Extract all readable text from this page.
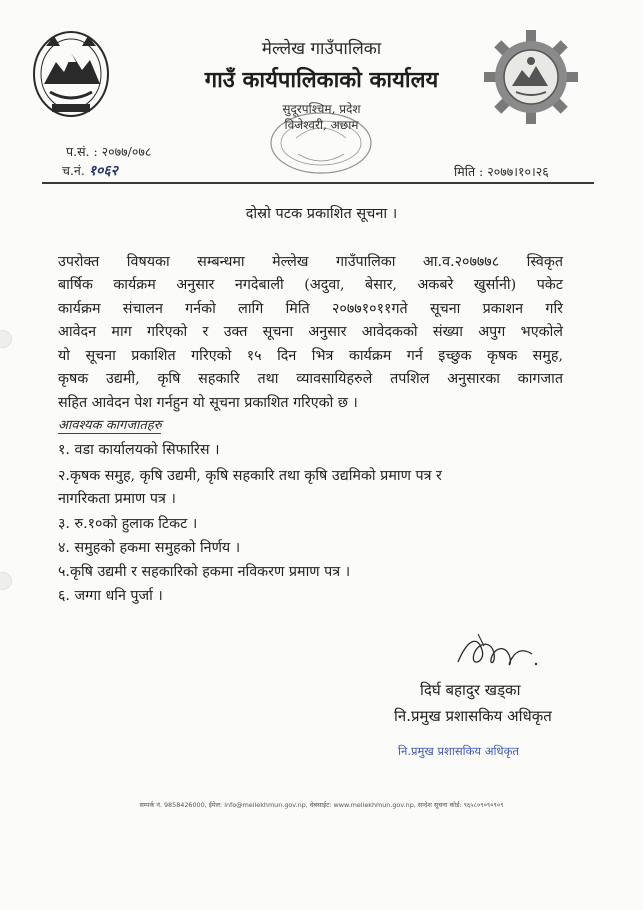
मेल्लेख गाउँपालिका
गाउँ कार्यपालिकाको कार्यालय
सुदूरपश्चिम, प्रदेश
विजेश्वरी, अछाम
प.सं. : २०७७/०७८
च.नं. १०६२	मिति : २०७७।१०।२६
दोस्रो पटक प्रकाशित सूचना ।
उपरोक्त विषयका सम्बन्धमा मेल्लेख गाउँपालिका आ.व.२०७७७८ स्विकृत
बार्षिक कार्यक्रम अनुसार नगदेबाली (अदुवा, बेसार, अकबरे खुर्सानी) पकेट
कार्यक्रम संचालन गर्नको लागि मिति २०७७१०११गते सूचना प्रकाशन गरि
आवेदन माग गरिएको र उक्त सूचना अनुसार आवेदकको संख्या अपुग भएकोले
यो सूचना प्रकाशित गरिएको १५ दिन भित्र कार्यक्रम गर्न इच्छुक कृषक समुह,
कृषक उद्यमी, कृषि सहकारि तथा व्यावसायिहरुले तपशिल अनुसारका कागजात
सहित आवेदन पेश गर्नहुन यो सूचना प्रकाशित गरिएको छ ।
आवश्यक कागजातहरु
१. वडा कार्यालयको सिफारिस ।
२.कृषक समुह, कृषि उद्यमी, कृषि सहकारि तथा कृषि उद्यमिको प्रमाण पत्र र
नागरिकता प्रमाण पत्र ।
३. रु.१०को हुलाक टिकट ।
४. समुहको हकमा समुहको निर्णय ।
५.कृषि उद्यमी र सहकारिको हकमा नविकरण प्रमाण पत्र ।
६. जग्गा धनि पुर्जा ।
दिर्घ बहादुर खड्का
नि.प्रमुख प्रशासकिय अधिकृत
नि.प्रमुख प्रशासकिय अधिकृत
सम्पर्क नं. 9858426000, ईमेल: info@mellekhmun.gov.np, वेबसाईट: www.mellekhmun.gov.np, सन्देश सूचना कोर्ड: ९६५८०९०९०९०९
